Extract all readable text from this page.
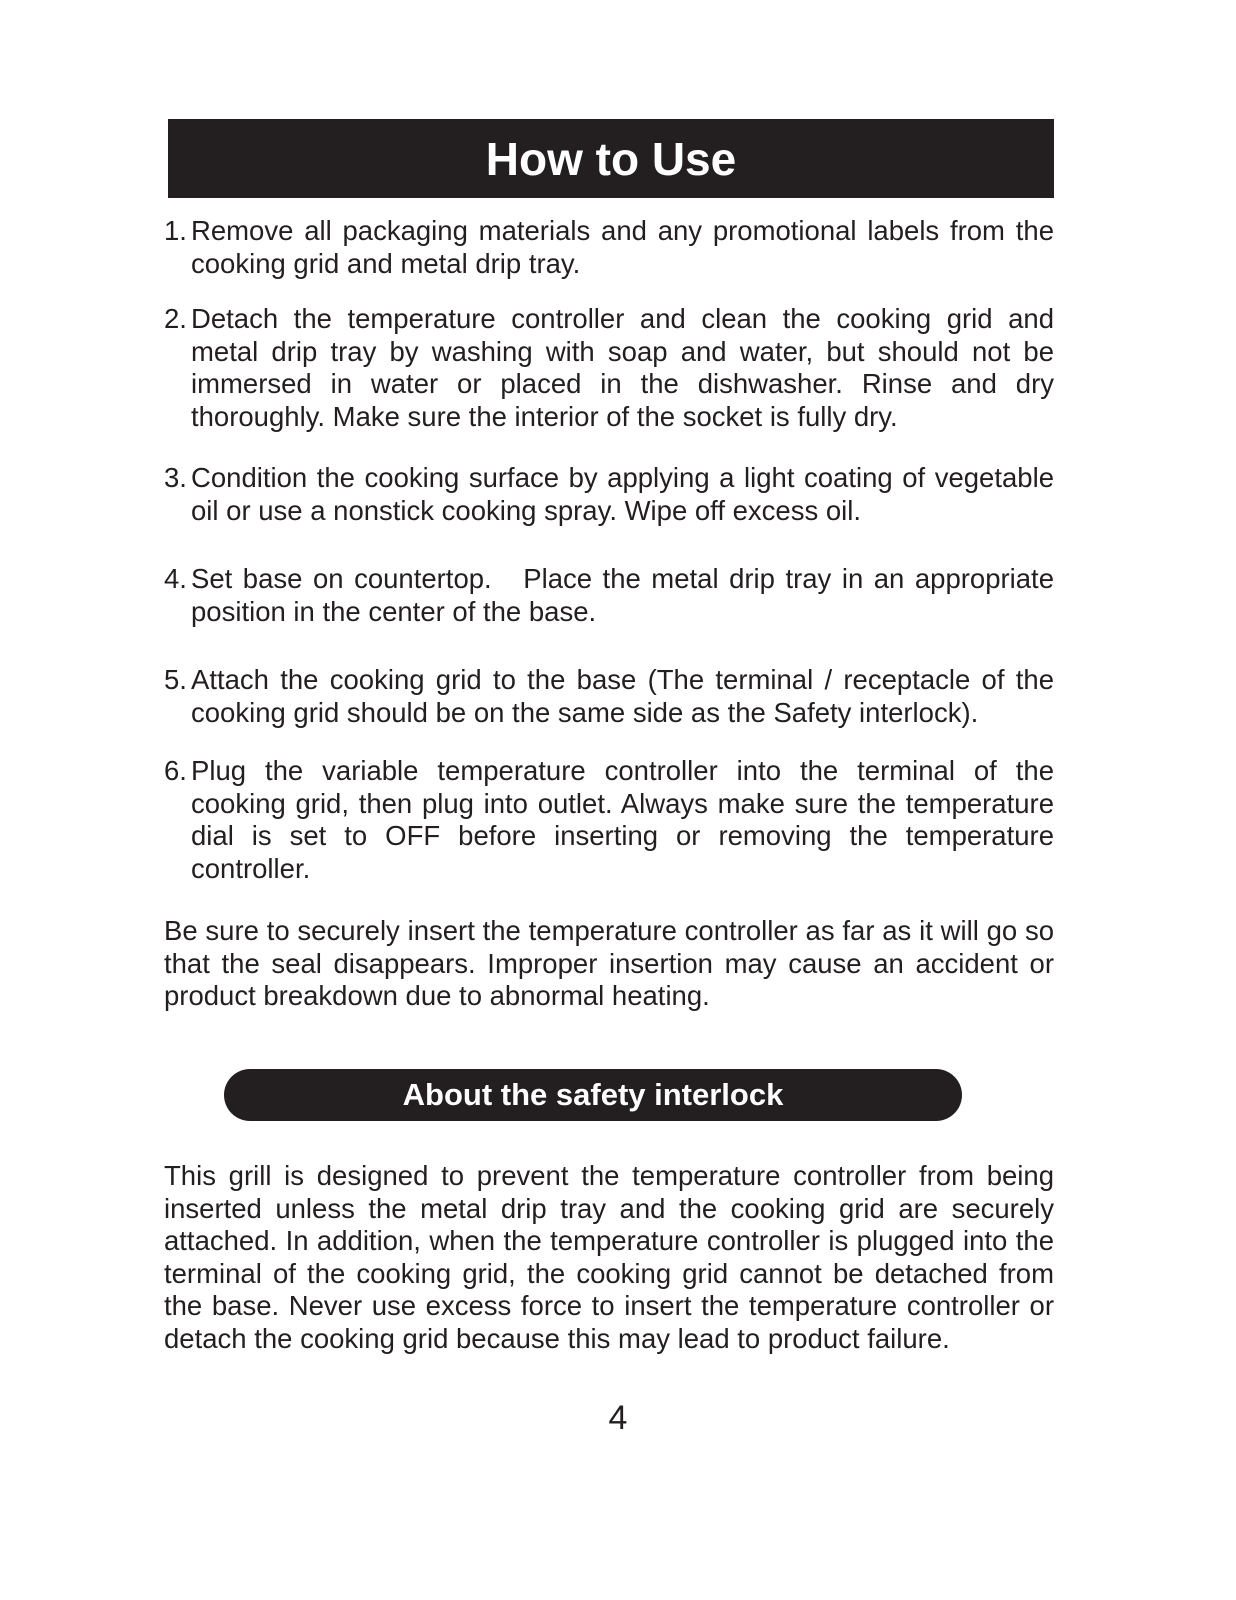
How to Use
1. Remove all packaging materials and any promotional labels from the cooking grid and metal drip tray.
2. Detach the temperature controller and clean the cooking grid and metal drip tray by washing with soap and water, but should not be immersed in water or placed in the dishwasher. Rinse and dry thoroughly. Make sure the interior of the socket is fully dry.
3. Condition the cooking surface by applying a light coating of vegetable oil or use a nonstick cooking spray. Wipe off excess oil.
4. Set base on countertop.   Place the metal drip tray in an appropriate position in the center of the base.
5. Attach the cooking grid to the base (The terminal / receptacle of the cooking grid should be on the same side as the Safety interlock).
6. Plug the variable temperature controller into the terminal of the cooking grid, then plug into outlet. Always make sure the temperature dial is set to OFF before inserting or removing the temperature controller.

Be sure to securely insert the temperature controller as far as it will go so that the seal disappears. Improper insertion may cause an accident or product breakdown due to abnormal heating.

About the safety interlock

This grill is designed to prevent the temperature controller from being inserted unless the metal drip tray and the cooking grid are securely attached. In addition, when the temperature controller is plugged into the terminal of the cooking grid, the cooking grid cannot be detached from the base. Never use excess force to insert the temperature controller or detach the cooking grid because this may lead to product failure.

4
